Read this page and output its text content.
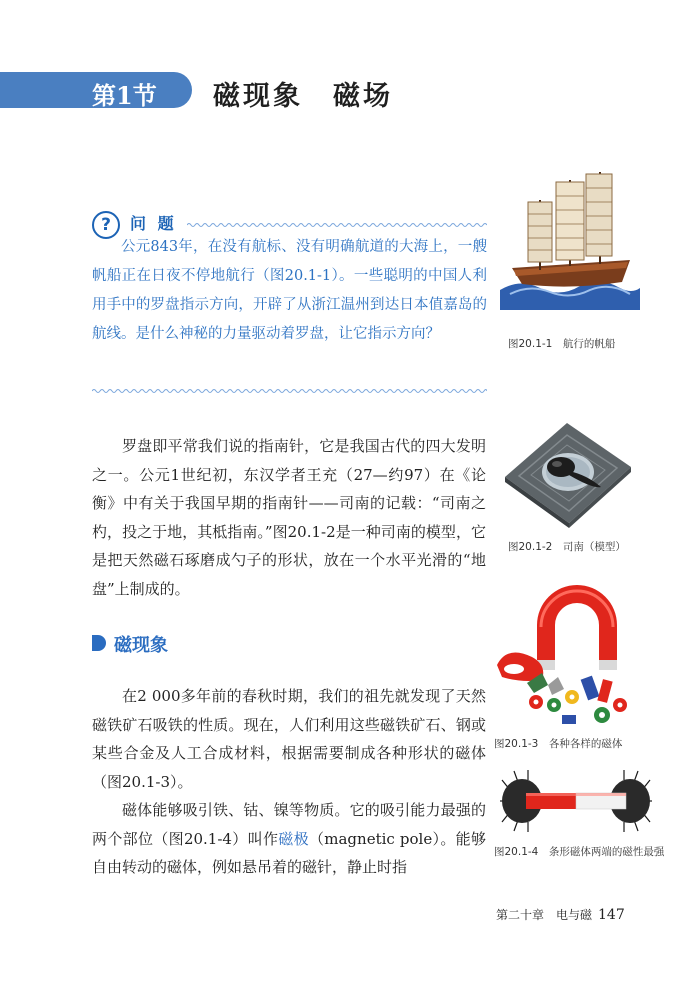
第1节 磁现象　磁场
?	问 题

公元843年，在没有航标、没有明确航道的大海上，一艘帆船正在日夜不停地航行（图20.1-1）。一些聪明的中国人利用手中的罗盘指示方向，开辟了从浙江温州到达日本值嘉岛的航线。是什么神秘的力量驱动着罗盘，让它指示方向？

罗盘即平常我们说的指南针，它是我国古代的四大发明之一。公元1世纪初，东汉学者王充（27—约97）在《论衡》中有关于我国早期的指南针——司南的记载：“司南之杓，投之于地，其柢指南。”图20.1-2是一种司南的模型，它是把天然磁石琢磨成勺子的形状，放在一个水平光滑的“地盘”上制成的。

磁现象

在2 000多年前的春秋时期，我们的祖先就发现了天然磁铁矿石吸铁的性质。现在，人们利用这些磁铁矿石、钢或某些合金及人工合成材料，根据需要制成各种形状的磁体（图20.1-3）。

磁体能够吸引铁、钴、镍等物质。它的吸引能力最强的两个部位（图20.1-4）叫作磁极（magnetic pole）。能够自由转动的磁体，例如悬吊着的磁针，静止时指

图20.1-1　航行的帆船
图20.1-2　司南（模型）
图20.1-3　各种各样的磁体
图20.1-4　条形磁体两端的磁性最强
第二十章　电与磁 147
